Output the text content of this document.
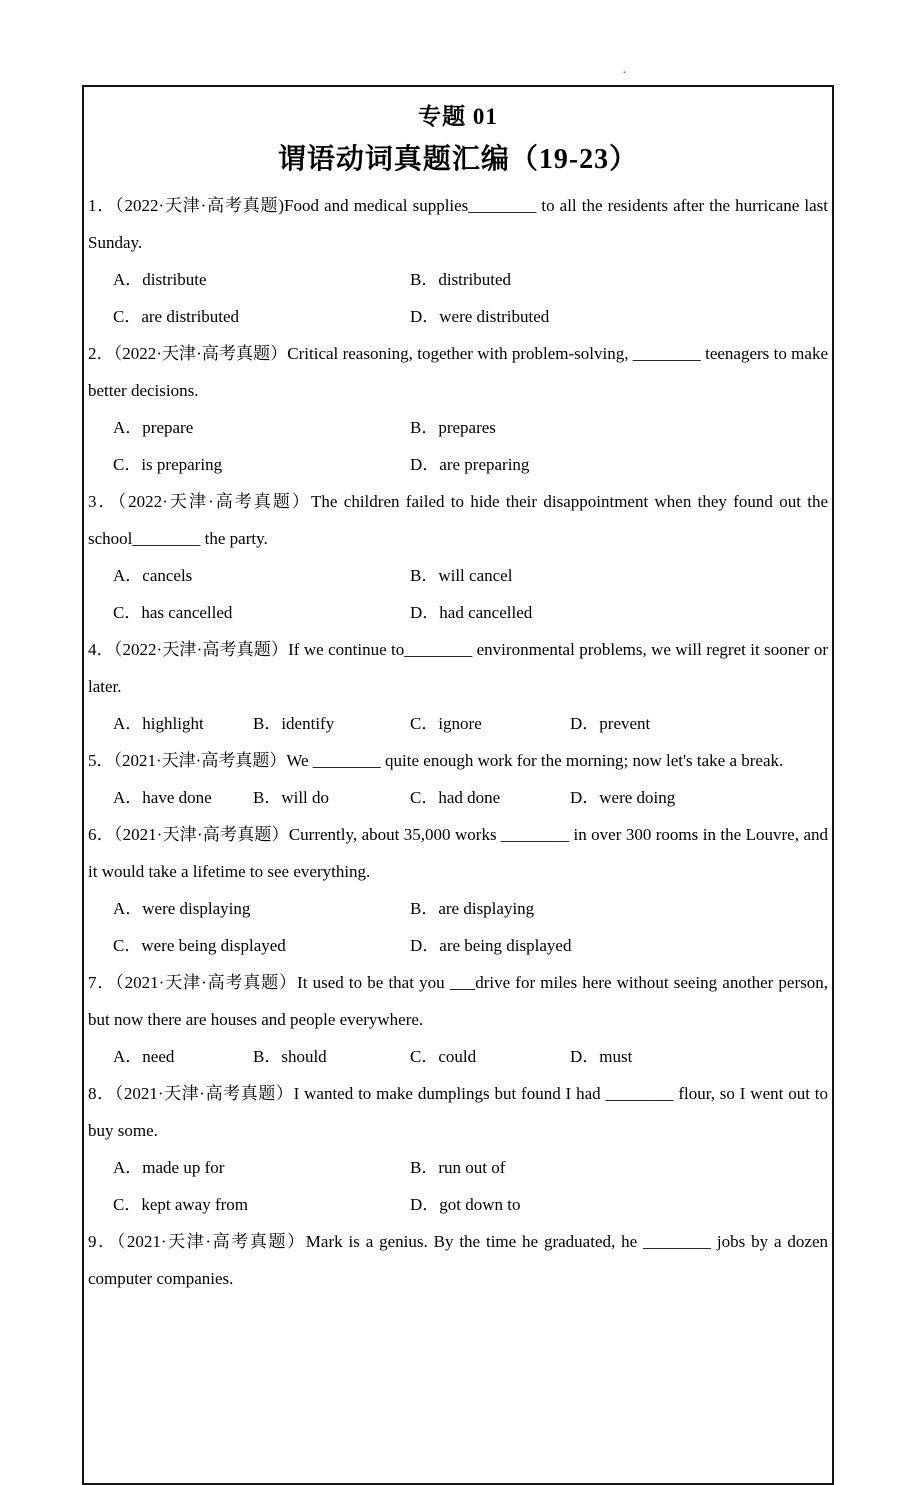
·
专题 01
谓语动词真题汇编（19-23）
1．（2022·天津·高考真题)Food and medical supplies________ to all the residents after the hurricane last Sunday.
A．distribute	B．distributed
C．are distributed	D．were distributed
2．（2022·天津·高考真题）Critical reasoning, together with problem-solving, ________ teenagers to make better decisions.
A．prepare	B．prepares
C．is preparing	D．are preparing
3．（2022·天津·高考真题）The children failed to hide their disappointment when they found out the school________ the party.
A．cancels	B．will cancel
C．has cancelled	D．had cancelled
4．（2022·天津·高考真题）If we continue to________ environmental problems, we will regret it sooner or later.
A．highlight	B．identify	C．ignore	D．prevent
5．（2021·天津·高考真题）We ________ quite enough work for the morning; now let's take a break.
A．have done	B．will do	C．had done	D．were doing
6．（2021·天津·高考真题）Currently, about 35,000 works ________ in over 300 rooms in the Louvre, and it would take a lifetime to see everything.
A．were displaying	B．are displaying
C．were being displayed	D．are being displayed
7．（2021·天津·高考真题）It used to be that you ___drive for miles here without seeing another person, but now there are houses and people everywhere.
A．need	B．should	C．could	D．must
8．（2021·天津·高考真题）I wanted to make dumplings but found I had ________ flour, so I went out to buy some.
A．made up for	B．run out of
C．kept away from	D．got down to
9．（2021·天津·高考真题）Mark is a genius. By the time he graduated, he ________ jobs by a dozen computer companies.
